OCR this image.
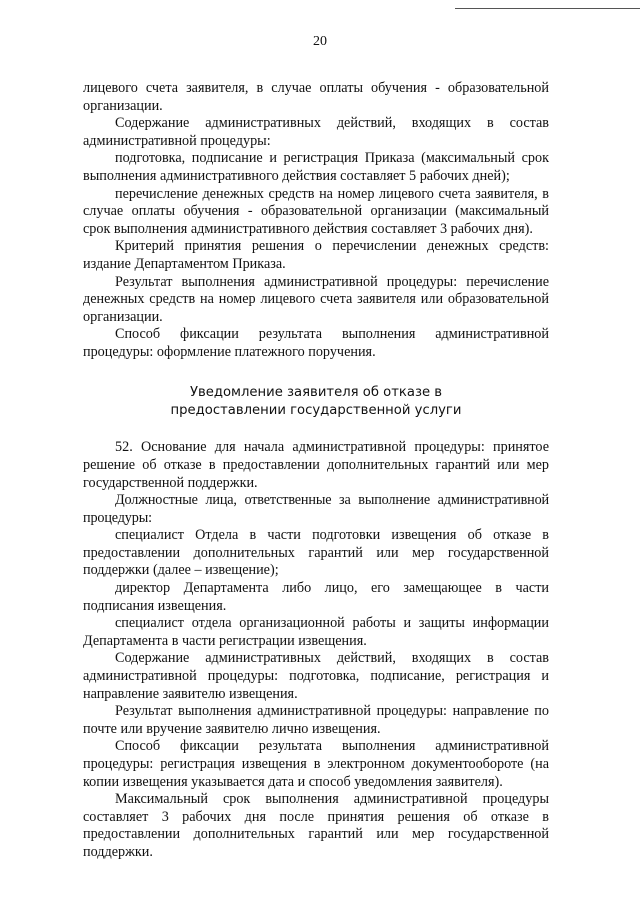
20

лицевого счета заявителя, в случае оплаты обучения - образовательной организации.

Содержание административных действий, входящих в состав административной процедуры:

подготовка, подписание и регистрация Приказа (максимальный срок выполнения административного действия составляет 5 рабочих дней);

перечисление денежных средств на номер лицевого счета заявителя, в случае оплаты обучения - образовательной организации (максимальный срок выполнения административного действия составляет 3 рабочих дня).

Критерий принятия решения о перечислении денежных средств: издание Департаментом Приказа.

Результат выполнения административной процедуры: перечисление денежных средств на номер лицевого счета заявителя или образовательной организации.

Способ фиксации результата выполнения административной процедуры: оформление платежного поручения.

Уведомление заявителя об отказе в
предоставлении государственной услуги

52. Основание для начала административной процедуры: принятое решение об отказе в предоставлении дополнительных гарантий или мер государственной поддержки.

Должностные лица, ответственные за выполнение административной процедуры:

специалист Отдела в части подготовки извещения об отказе в предоставлении дополнительных гарантий или мер государственной поддержки (далее – извещение);

директор Департамента либо лицо, его замещающее в части подписания извещения.

специалист отдела организационной работы и защиты информации Департамента в части регистрации извещения.

Содержание административных действий, входящих в состав административной процедуры: подготовка, подписание, регистрация и направление заявителю извещения.

Результат выполнения административной процедуры: направление по почте или вручение заявителю лично извещения.

Способ фиксации результата выполнения административной процедуры: регистрация извещения в электронном документообороте (на копии извещения указывается дата и способ уведомления заявителя).

Максимальный срок выполнения административной процедуры составляет 3 рабочих дня после принятия решения об отказе в предоставлении дополнительных гарантий или мер государственной поддержки.
